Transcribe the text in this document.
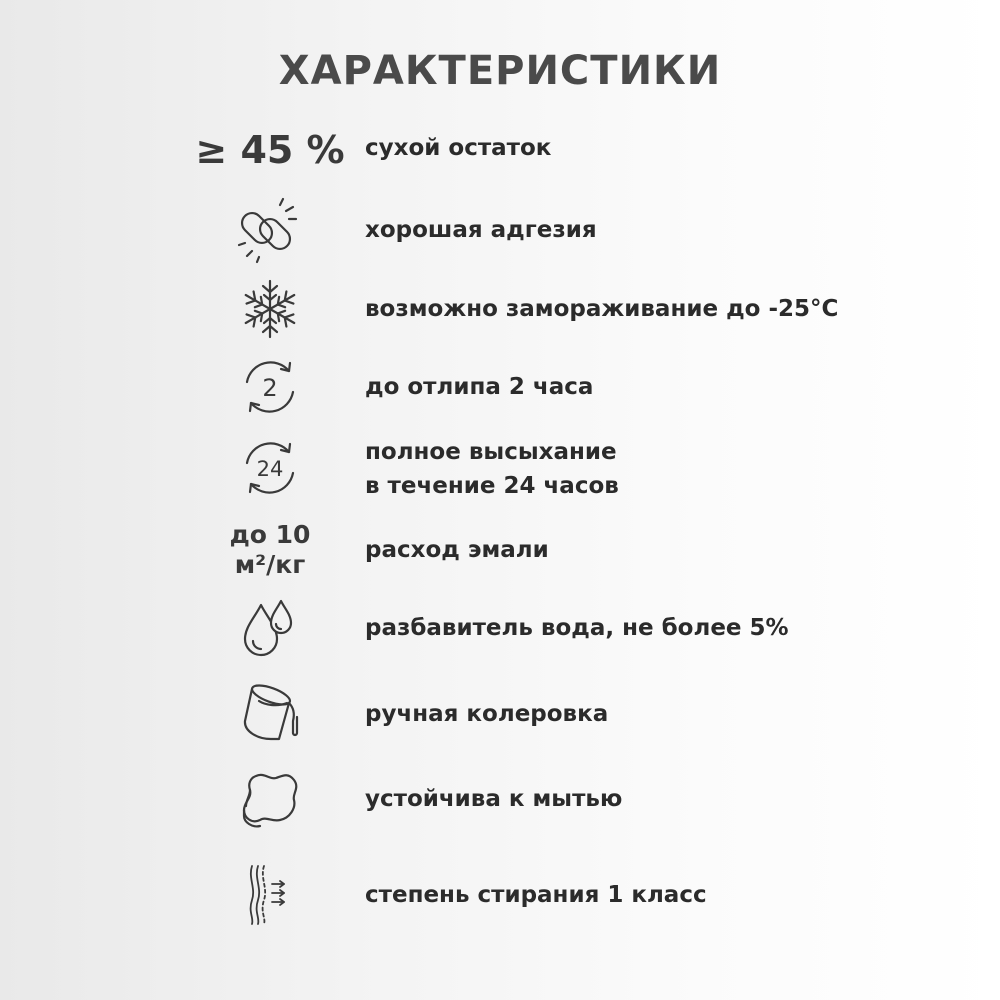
ХАРАКТЕРИСТИКИ
≥ 45 % сухой остаток
хорошая адгезия
возможно замораживание до -25°С
2	до отлипа 2 часа
24
полное высыхание
в течение 24 часов
до 10
м²/кг	расход эмали
разбавитель вода, не более 5%
ручная колеровка
устойчива к мытью
степень стирания 1 класс
